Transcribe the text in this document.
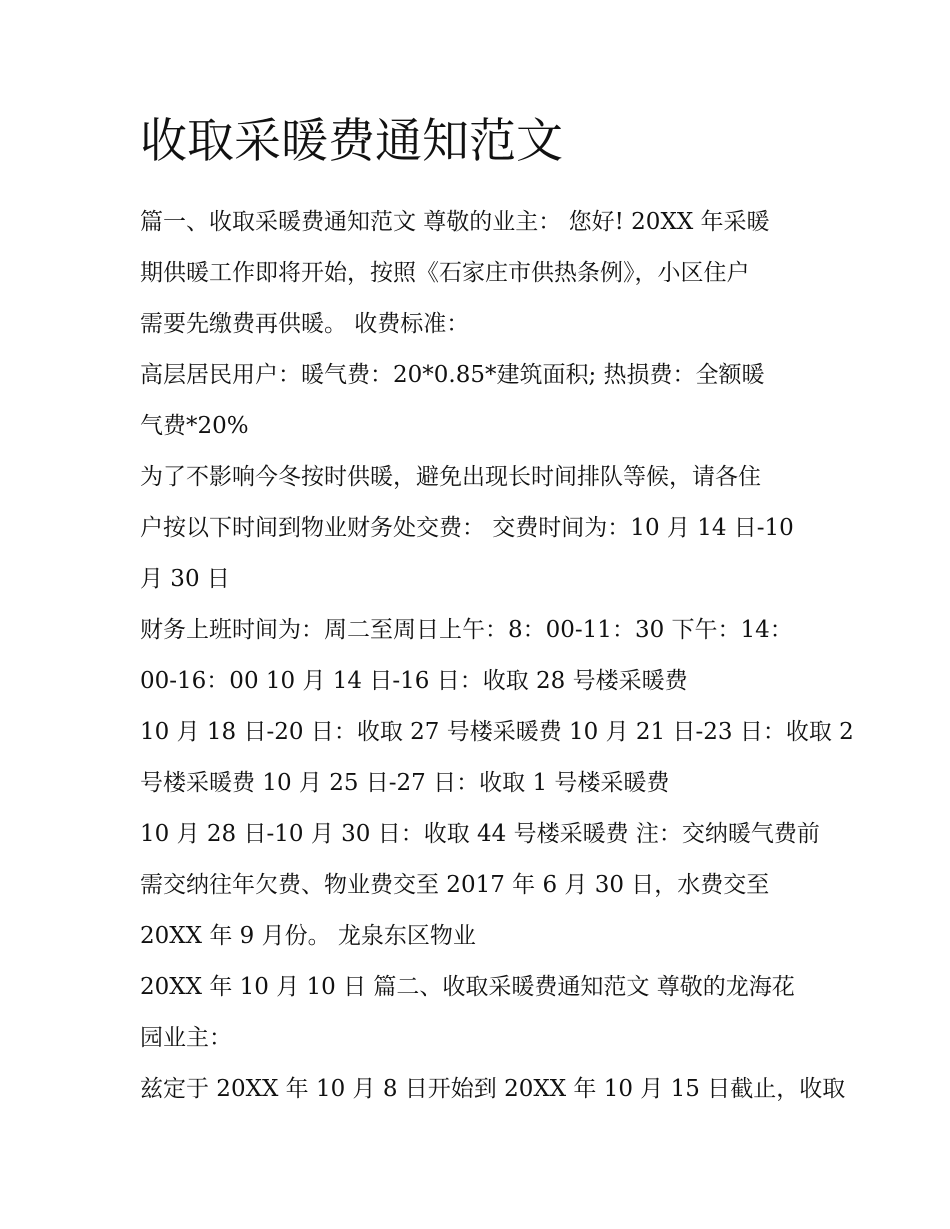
收取采暖费通知范文

篇一、收取采暖费通知范文 尊敬的业主： 您好! 20XX 年采暖

期供暖工作即将开始，按照《石家庄市供热条例》，小区住户

需要先缴费再供暖。 收费标准：

高层居民用户：暖气费：20*0.85*建筑面积; 热损费：全额暖

气费*20%

为了不影响今冬按时供暖，避免出现长时间排队等候，请各住

户按以下时间到物业财务处交费： 交费时间为：10 月 14 日-10

月 30 日

财务上班时间为：周二至周日上午：8：00-11：30 下午：14：

00-16：00 10 月 14 日-16 日：收取 28 号楼采暖费

10 月 18 日-20 日：收取 27 号楼采暖费 10 月 21 日-23 日：收取 2

号楼采暖费 10 月 25 日-27 日：收取 1 号楼采暖费

10 月 28 日-10 月 30 日：收取 44 号楼采暖费 注：交纳暖气费前

需交纳往年欠费、物业费交至 2017 年 6 月 30 日，水费交至

20XX 年 9 月份。 龙泉东区物业

20XX 年 10 月 10 日 篇二、收取采暖费通知范文 尊敬的龙海花

园业主：

兹定于 20XX 年 10 月 8 日开始到 20XX 年 10 月 15 日截止，收取
